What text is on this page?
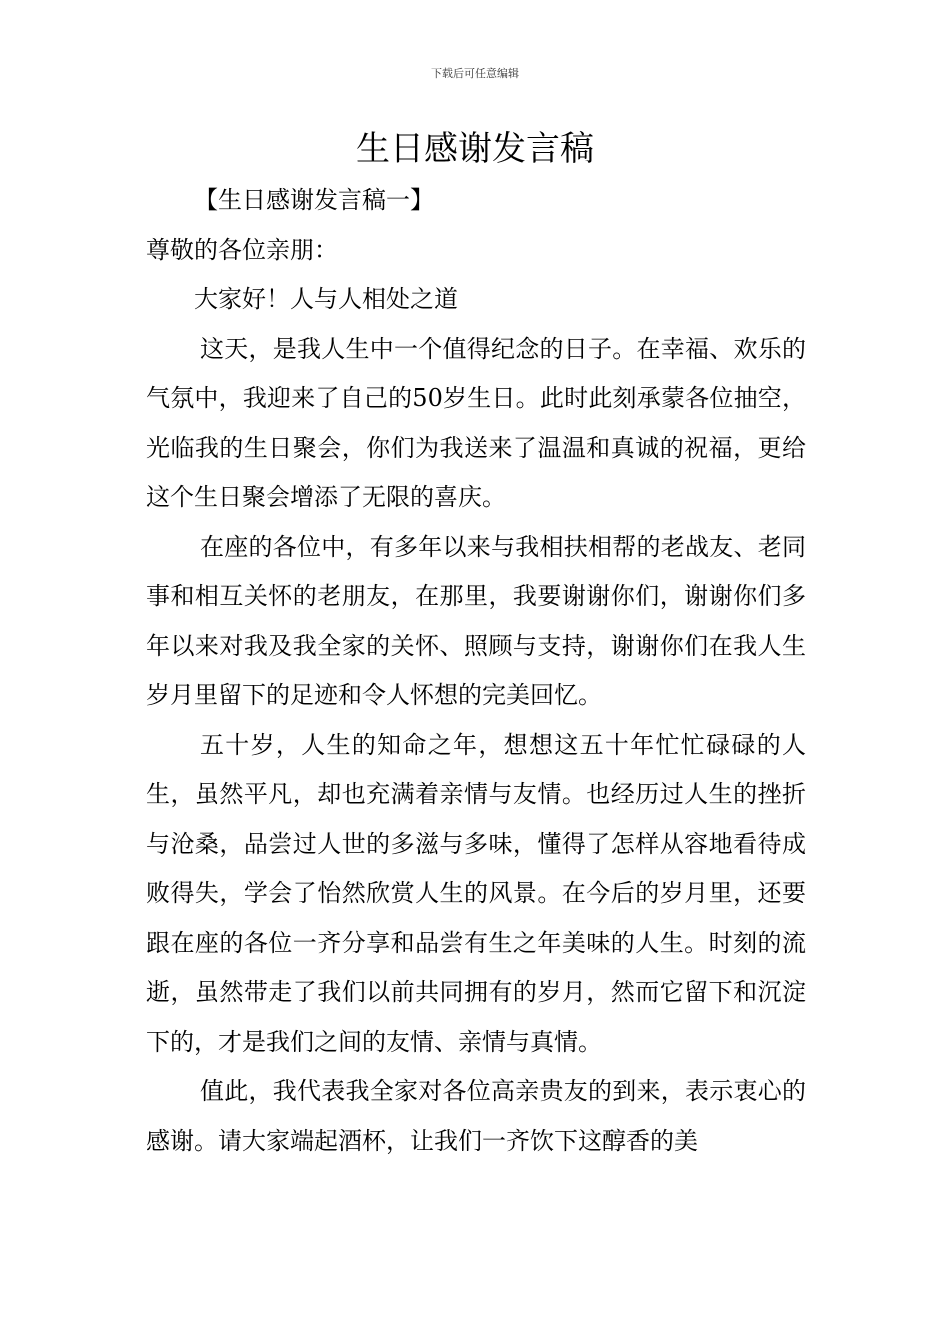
下载后可任意编辑
生日感谢发言稿

【生日感谢发言稿一】

尊敬的各位亲朋：

大家好！人与人相处之道

这天，是我人生中一个值得纪念的日子。在幸福、欢乐的气氛中，我迎来了自己的50岁生日。此时此刻承蒙各位抽空，光临我的生日聚会，你们为我送来了温温和真诚的祝福，更给这个生日聚会增添了无限的喜庆。

在座的各位中，有多年以来与我相扶相帮的老战友、老同事和相互关怀的老朋友，在那里，我要谢谢你们，谢谢你们多年以来对我及我全家的关怀、照顾与支持，谢谢你们在我人生岁月里留下的足迹和令人怀想的完美回忆。

五十岁，人生的知命之年，想想这五十年忙忙碌碌的人生，虽然平凡，却也充满着亲情与友情。也经历过人生的挫折与沧桑，品尝过人世的多滋与多味，懂得了怎样从容地看待成败得失，学会了怡然欣赏人生的风景。在今后的岁月里，还要跟在座的各位一齐分享和品尝有生之年美味的人生。时刻的流逝，虽然带走了我们以前共同拥有的岁月，然而它留下和沉淀下的，才是我们之间的友情、亲情与真情。

值此，我代表我全家对各位高亲贵友的到来，表示衷心的感谢。请大家端起酒杯，让我们一齐饮下这醇香的美
